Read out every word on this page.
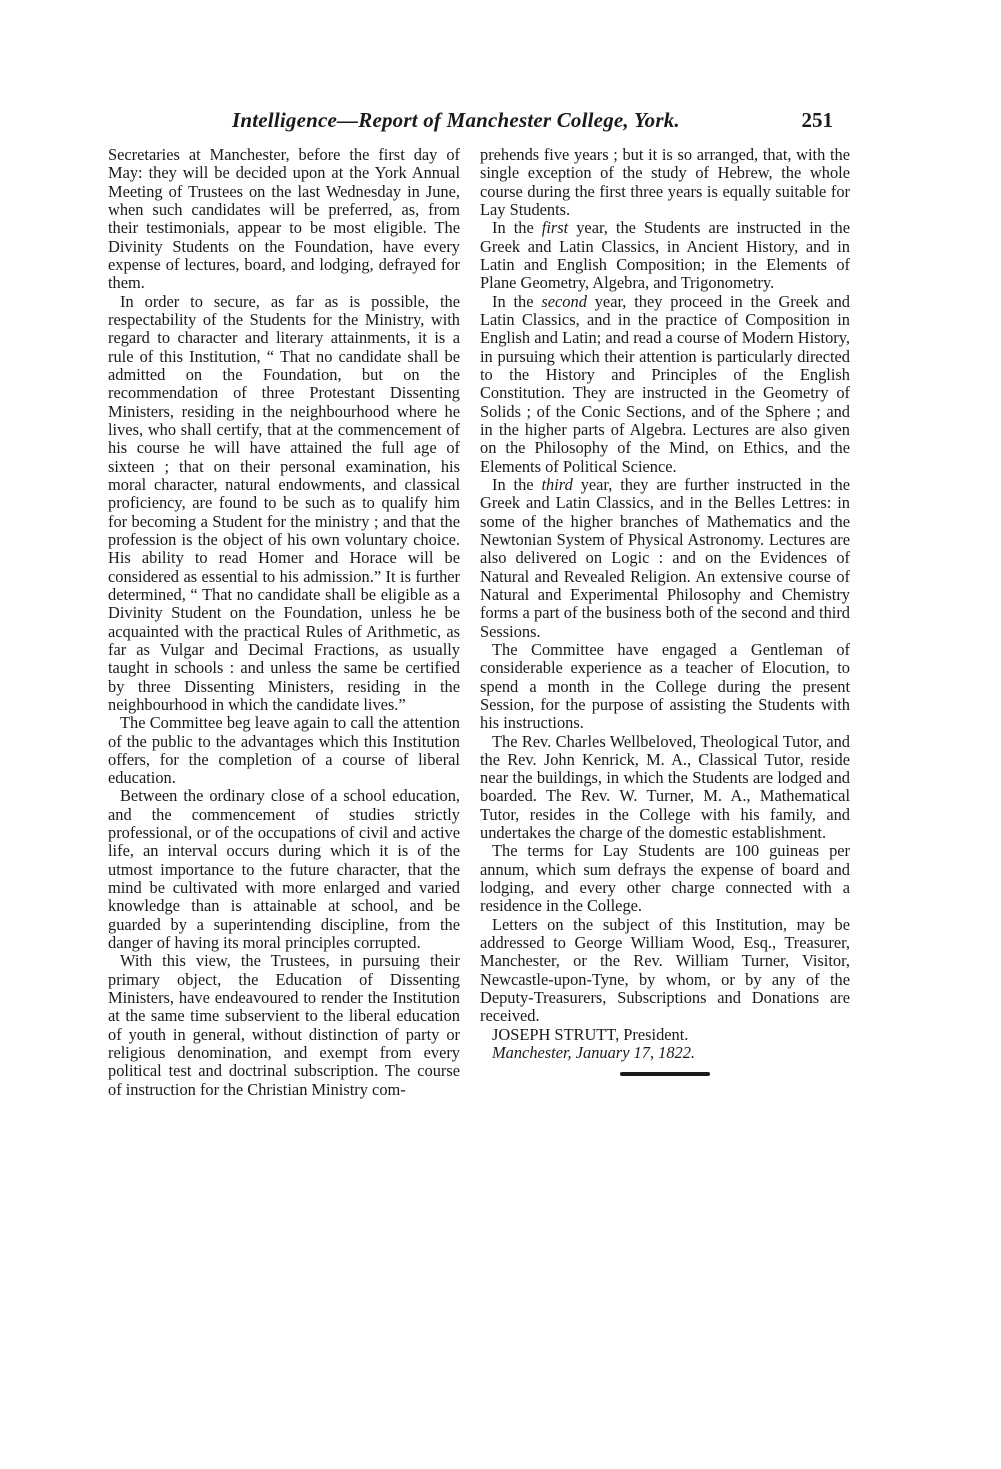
Intelligence—Report of Manchester College, York.	251

Secretaries at Manchester, before the first day of May: they will be decided upon at the York Annual Meeting of Trustees on the last Wednesday in June, when such candidates will be preferred, as, from their testimonials, appear to be most eligible. The Divinity Students on the Foundation, have every expense of lectures, board, and lodging, defrayed for them.

In order to secure, as far as is possible, the respectability of the Students for the Ministry, with regard to character and literary attainments, it is a rule of this Institution, “ That no candidate shall be admitted on the Foundation, but on the recommendation of three Protestant Dissenting Ministers, residing in the neighbourhood where he lives, who shall certify, that at the commencement of his course he will have attained the full age of sixteen ; that on their personal examination, his moral character, natural endowments, and classical proficiency, are found to be such as to qualify him for becoming a Student for the ministry ; and that the profession is the object of his own voluntary choice. His ability to read Homer and Horace will be considered as essential to his admission.” It is further determined, “ That no candidate shall be eligible as a Divinity Student on the Foundation, unless he be acquainted with the practical Rules of Arithmetic, as far as Vulgar and Decimal Fractions, as usually taught in schools : and unless the same be certified by three Dissenting Ministers, residing in the neighbourhood in which the candidate lives.”

The Committee beg leave again to call the attention of the public to the advantages which this Institution offers, for the completion of a course of liberal education.

Between the ordinary close of a school education, and the commencement of studies strictly professional, or of the occupations of civil and active life, an interval occurs during which it is of the utmost importance to the future character, that the mind be cultivated with more enlarged and varied knowledge than is attainable at school, and be guarded by a superintending discipline, from the danger of having its moral principles corrupted.

With this view, the Trustees, in pursuing their primary object, the Education of Dissenting Ministers, have endeavoured to render the Institution at the same time subservient to the liberal education of youth in general, without distinction of party or religious denomination, and exempt from every political test and doctrinal subscription. The course of instruction for the Christian Ministry com-

prehends five years ; but it is so arranged, that, with the single exception of the study of Hebrew, the whole course during the first three years is equally suitable for Lay Students.

In the first year, the Students are instructed in the Greek and Latin Classics, in Ancient History, and in Latin and English Composition; in the Elements of Plane Geometry, Algebra, and Trigonometry.

In the second year, they proceed in the Greek and Latin Classics, and in the practice of Composition in English and Latin; and read a course of Modern History, in pursuing which their attention is particularly directed to the History and Principles of the English Constitution. They are instructed in the Geometry of Solids ; of the Conic Sections, and of the Sphere ; and in the higher parts of Algebra. Lectures are also given on the Philosophy of the Mind, on Ethics, and the Elements of Political Science.

In the third year, they are further instructed in the Greek and Latin Classics, and in the Belles Lettres: in some of the higher branches of Mathematics and the Newtonian System of Physical Astronomy. Lectures are also delivered on Logic : and on the Evidences of Natural and Revealed Religion. An extensive course of Natural and Experimental Philosophy and Chemistry forms a part of the business both of the second and third Sessions.

The Committee have engaged a Gentleman of considerable experience as a teacher of Elocution, to spend a month in the College during the present Session, for the purpose of assisting the Students with his instructions.

The Rev. Charles Wellbeloved, Theological Tutor, and the Rev. John Kenrick, M. A., Classical Tutor, reside near the buildings, in which the Students are lodged and boarded. The Rev. W. Turner, M. A., Mathematical Tutor, resides in the College with his family, and undertakes the charge of the domestic establishment.

The terms for Lay Students are 100 guineas per annum, which sum defrays the expense of board and lodging, and every other charge connected with a residence in the College.

Letters on the subject of this Institution, may be addressed to George William Wood, Esq., Treasurer, Manchester, or the Rev. William Turner, Visitor, Newcastle-upon-Tyne, by whom, or by any of the Deputy-Treasurers, Subscriptions and Donations are received.

JOSEPH STRUTT, President.

Manchester, January 17, 1822.
